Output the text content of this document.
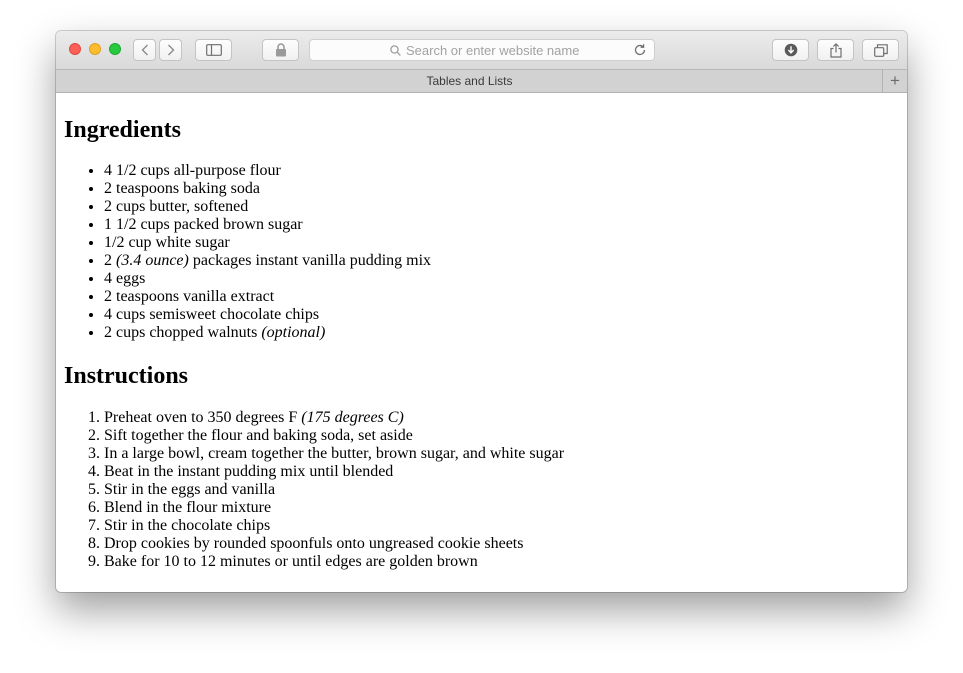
Search or enter website name
Tables and Lists	+
Ingredients
• 4 1/2 cups all-purpose flour
• 2 teaspoons baking soda
• 2 cups butter, softened
• 1 1/2 cups packed brown sugar
• 1/2 cup white sugar
• 2 (3.4 ounce) packages instant vanilla pudding mix
• 4 eggs
• 2 teaspoons vanilla extract
• 4 cups semisweet chocolate chips
• 2 cups chopped walnuts (optional)
Instructions
1. Preheat oven to 350 degrees F (175 degrees C)
2. Sift together the flour and baking soda, set aside
3. In a large bowl, cream together the butter, brown sugar, and white sugar
4. Beat in the instant pudding mix until blended
5. Stir in the eggs and vanilla
6. Blend in the flour mixture
7. Stir in the chocolate chips
8. Drop cookies by rounded spoonfuls onto ungreased cookie sheets
9. Bake for 10 to 12 minutes or until edges are golden brown
